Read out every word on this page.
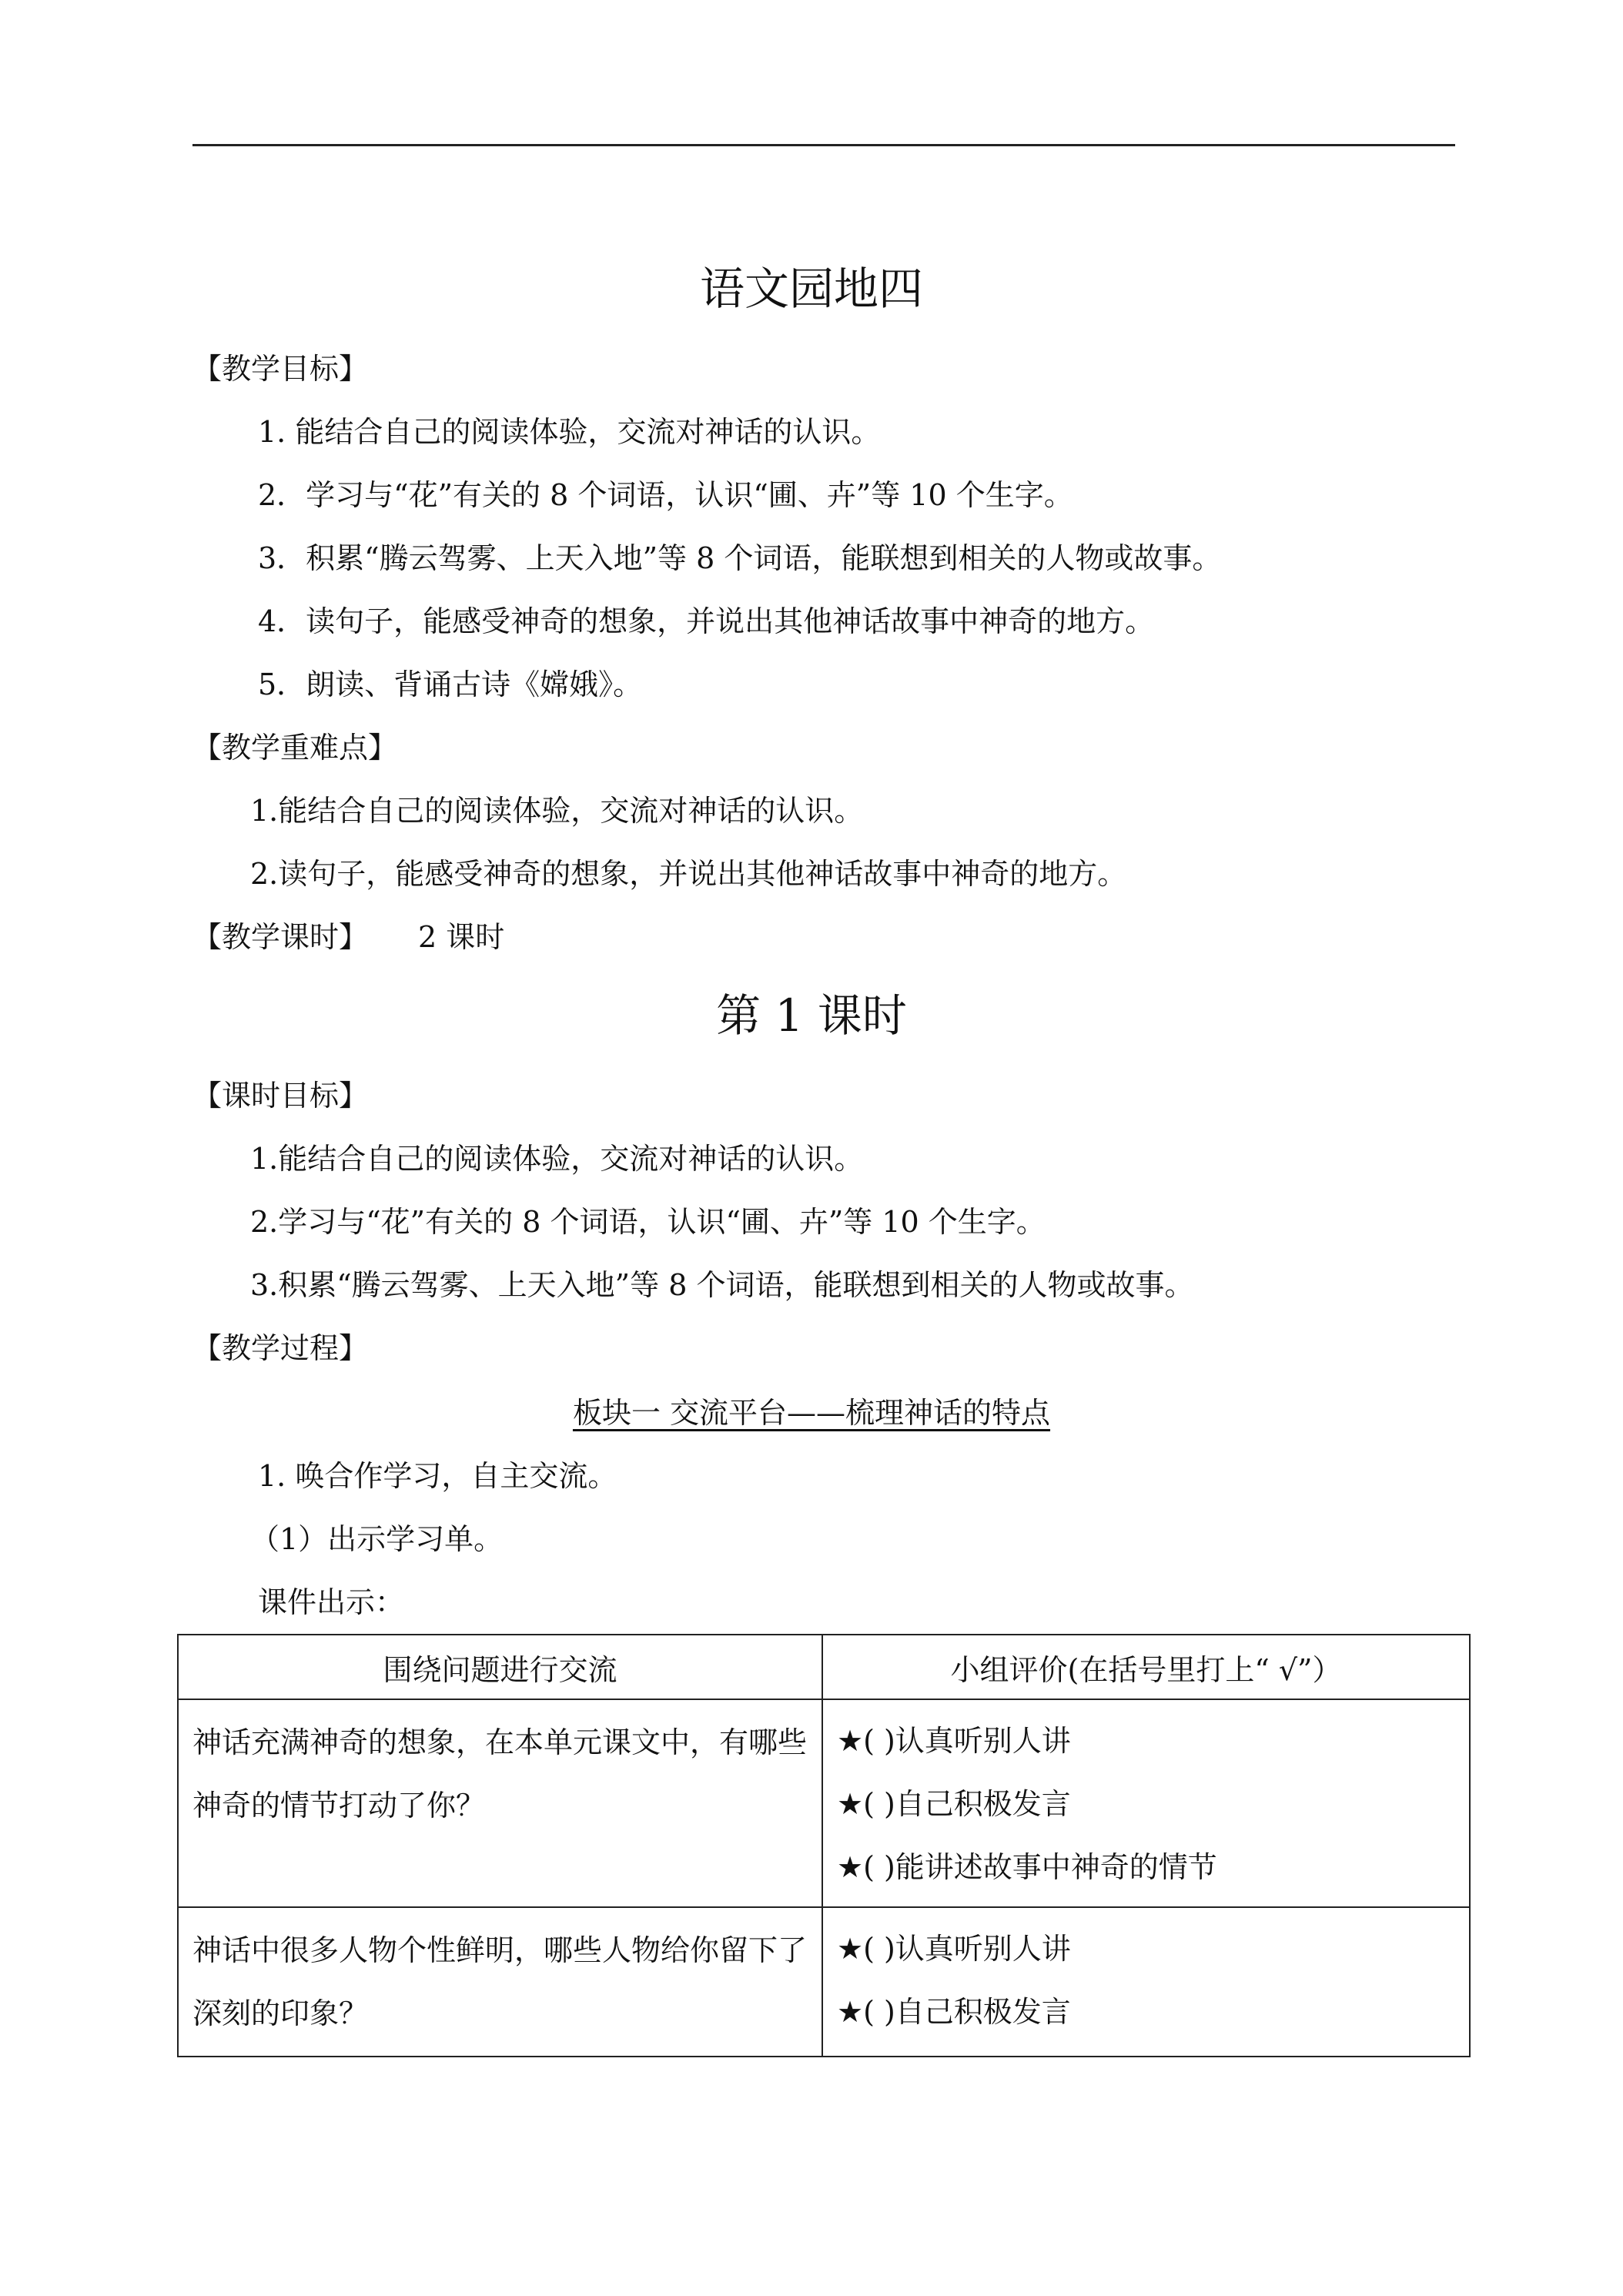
语文园地四
【教学目标】
1. 能结合自己的阅读体验，交流对神话的认识。
2．学习与“花”有关的 8 个词语，认识“圃、卉”等 10 个生字。
3．积累“腾云驾雾、上天入地”等 8 个词语，能联想到相关的人物或故事。
4．读句子，能感受神奇的想象，并说出其他神话故事中神奇的地方。
5．朗读、背诵古诗《嫦娥》。
【教学重难点】
1.能结合自己的阅读体验，交流对神话的认识。
2.读句子，能感受神奇的想象，并说出其他神话故事中神奇的地方。
【教学课时】 2 课时
第 1 课时
【课时目标】
1.能结合自己的阅读体验，交流对神话的认识。
2.学习与“花”有关的 8 个词语，认识“圃、卉”等 10 个生字。
3.积累“腾云驾雾、上天入地”等 8 个词语，能联想到相关的人物或故事。
【教学过程】
板块一 交流平台——梳理神话的特点
1. 唤合作学习，自主交流。
（1）出示学习单。
课件出示：
围绕问题进行交流	小组评价(在括号里打上“ √”）
神话充满神奇的想象，在本单元课文中，有哪些神奇的情节打动了你？	★( )认真听别人讲
★( )自己积极发言
★( )能讲述故事中神奇的情节

神话中很多人物个性鲜明，哪些人物给你留下了深刻的印象？	★( )认真听别人讲
★( )自己积极发言
